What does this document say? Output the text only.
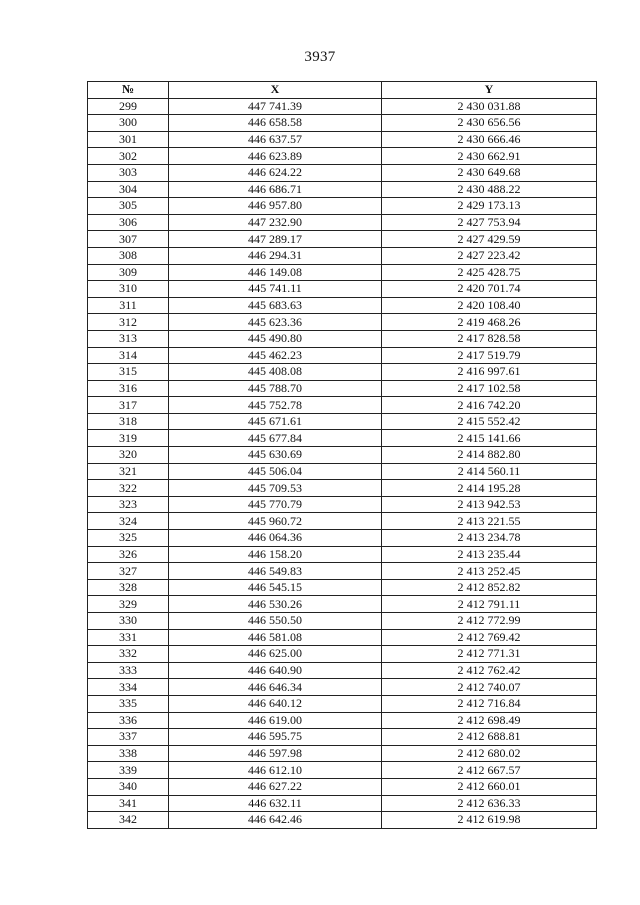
3937
№	X	Y
299	447 741.39	2 430 031.88
300	446 658.58	2 430 656.56
301	446 637.57	2 430 666.46
302	446 623.89	2 430 662.91
303	446 624.22	2 430 649.68
304	446 686.71	2 430 488.22
305	446 957.80	2 429 173.13
306	447 232.90	2 427 753.94
307	447 289.17	2 427 429.59
308	446 294.31	2 427 223.42
309	446 149.08	2 425 428.75
310	445 741.11	2 420 701.74
311	445 683.63	2 420 108.40
312	445 623.36	2 419 468.26
313	445 490.80	2 417 828.58
314	445 462.23	2 417 519.79
315	445 408.08	2 416 997.61
316	445 788.70	2 417 102.58
317	445 752.78	2 416 742.20
318	445 671.61	2 415 552.42
319	445 677.84	2 415 141.66
320	445 630.69	2 414 882.80
321	445 506.04	2 414 560.11
322	445 709.53	2 414 195.28
323	445 770.79	2 413 942.53
324	445 960.72	2 413 221.55
325	446 064.36	2 413 234.78
326	446 158.20	2 413 235.44
327	446 549.83	2 413 252.45
328	446 545.15	2 412 852.82
329	446 530.26	2 412 791.11
330	446 550.50	2 412 772.99
331	446 581.08	2 412 769.42
332	446 625.00	2 412 771.31
333	446 640.90	2 412 762.42
334	446 646.34	2 412 740.07
335	446 640.12	2 412 716.84
336	446 619.00	2 412 698.49
337	446 595.75	2 412 688.81
338	446 597.98	2 412 680.02
339	446 612.10	2 412 667.57
340	446 627.22	2 412 660.01
341	446 632.11	2 412 636.33
342	446 642.46	2 412 619.98
